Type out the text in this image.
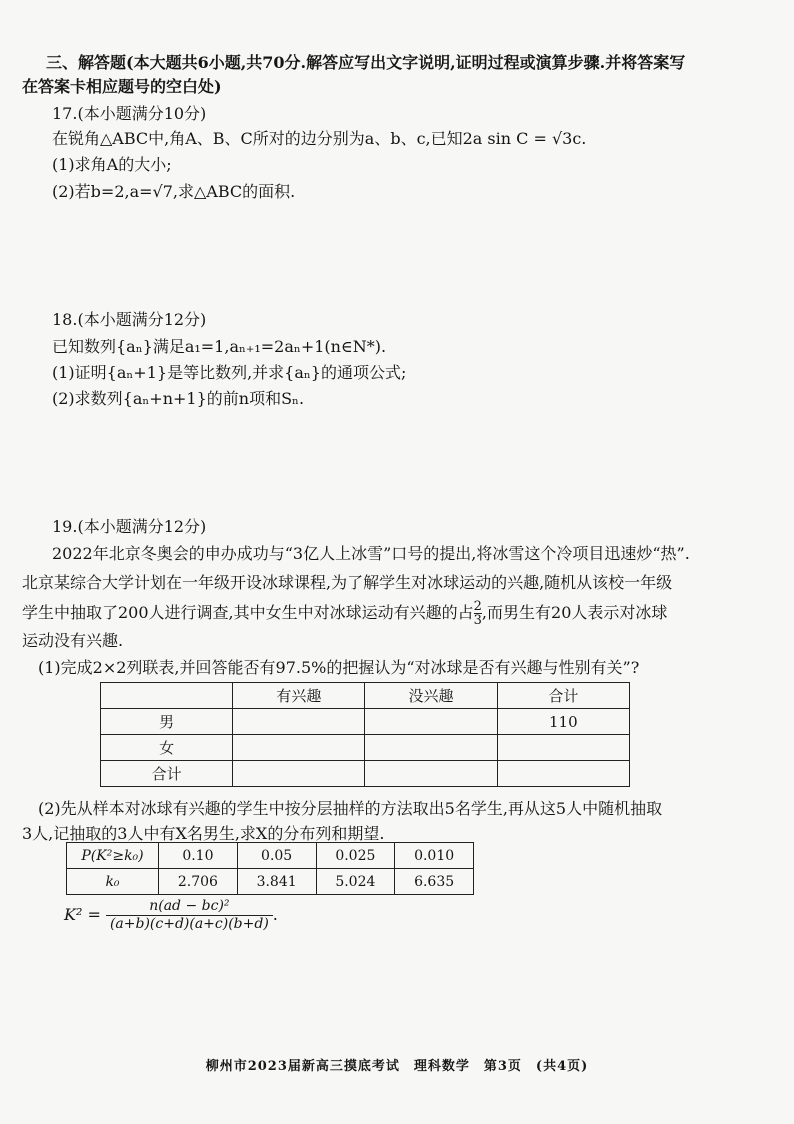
三、解答题(本大题共6小题,共70分.解答应写出文字说明,证明过程或演算步骤.并将答案写
在答案卡相应题号的空白处)
17.(本小题满分10分)
在锐角△ABC中,角A、B、C所对的边分别为a、b、c,已知2a sin C = √3c.
(1)求角A的大小;
(2)若b=2,a=√7,求△ABC的面积.
18.(本小题满分12分)
已知数列{aₙ}满足a₁=1,aₙ₊₁=2aₙ+1(n∈N*).
(1)证明{aₙ+1}是等比数列,并求{aₙ}的通项公式;
(2)求数列{aₙ+n+1}的前n项和Sₙ.
19.(本小题满分12分)
2022年北京冬奥会的申办成功与“3亿人上冰雪”口号的提出,将冰雪这个冷项目迅速炒“热”.
北京某综合大学计划在一年级开设冰球课程,为了解学生对冰球运动的兴趣,随机从该校一年级
学生中抽取了200人进行调查,其中女生中对冰球运动有兴趣的占 $\frac{2}{3}$ ,而男生有20人表示对冰球
运动没有兴趣.
(1)完成2×2列联表,并回答能否有97.5%的把握认为“对冰球是否有兴趣与性别有关”?
	有兴趣	没兴趣	合计
男			110
女			
合计			
(2)先从样本对冰球有兴趣的学生中按分层抽样的方法取出5名学生,再从这5人中随机抽取
3人,记抽取的3人中有X名男生,求X的分布列和期望.
P(K²≥k₀)	0.10	0.05	0.025	0.010
k₀	2.706	3.841	5.024	6.635
$K^2 = \frac{\text{n(ad − bc)²}}{(a+b)(c+d)(a+c)(b+d)}$ .
柳州市2023届新高三摸底考试　理科数学　第3页　(共4页)
